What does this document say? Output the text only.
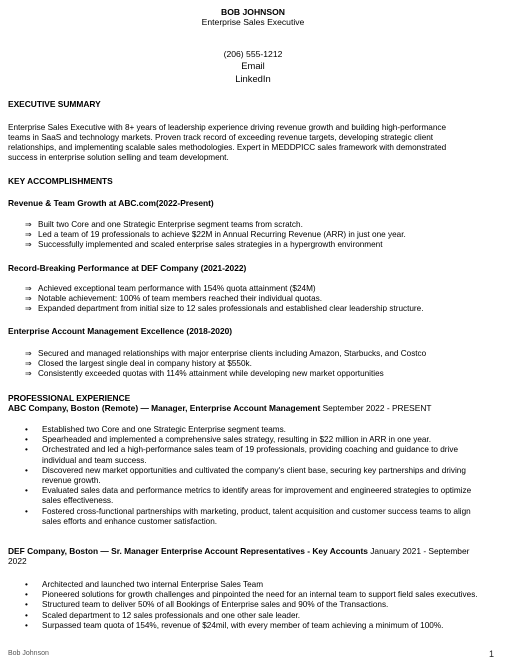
BOB JOHNSON
Enterprise Sales Executive
(206) 555-1212
Email
LinkedIn
EXECUTIVE SUMMARY
Enterprise Sales Executive with 8+ years of leadership experience driving revenue growth and building high-performance
teams in SaaS and technology markets. Proven track record of exceeding revenue targets, developing strategic client
relationships, and implementing scalable sales methodologies. Expert in MEDDPICC sales framework with demonstrated
success in enterprise solution selling and team development.
KEY ACCOMPLISHMENTS
Revenue & Team Growth at ABC.com(2022-Present)
⇒ Built two Core and one Strategic Enterprise segment teams from scratch.
⇒ Led a team of 19 professionals to achieve $22M in Annual Recurring Revenue (ARR) in just one year.
⇒ Successfully implemented and scaled enterprise sales strategies in a hypergrowth environment
Record-Breaking Performance at DEF Company (2021-2022)
⇒ Achieved exceptional team performance with 154% quota attainment ($24M)
⇒ Notable achievement: 100% of team members reached their individual quotas.
⇒ Expanded department from initial size to 12 sales professionals and established clear leadership structure.
Enterprise Account Management Excellence (2018-2020)
⇒ Secured and managed relationships with major enterprise clients including Amazon, Starbucks, and Costco
⇒ Closed the largest single deal in company history at $550k.
⇒ Consistently exceeded quotas with 114% attainment while developing new market opportunities
PROFESSIONAL EXPERIENCE
ABC Company, Boston (Remote) — Manager, Enterprise Account Management September 2022 - PRESENT
• Established two Core and one Strategic Enterprise segment teams.
• Spearheaded and implemented a comprehensive sales strategy, resulting in $22 million in ARR in one year.
• Orchestrated and led a high-performance sales team of 19 professionals, providing coaching and guidance to drive individual and team success.
• Discovered new market opportunities and cultivated the company's client base, securing key partnerships and driving revenue growth.
• Evaluated sales data and performance metrics to identify areas for improvement and engineered strategies to optimize sales effectiveness.
• Fostered cross-functional partnerships with marketing, product, talent acquisition and customer success teams to align sales efforts and enhance customer satisfaction.
DEF Company, Boston — Sr. Manager Enterprise Account Representatives - Key Accounts January 2021 - September 2022
• Architected and launched two internal Enterprise Sales Team
• Pioneered solutions for growth challenges and pinpointed the need for an internal team to support field sales executives.
• Structured team to deliver 50% of all Bookings of Enterprise sales and 90% of the Transactions.
• Scaled department to 12 sales professionals and one other sale leader.
• Surpassed team quota of 154%, revenue of $24mil, with every member of team achieving a minimum of 100%.
Bob Johnson	1
